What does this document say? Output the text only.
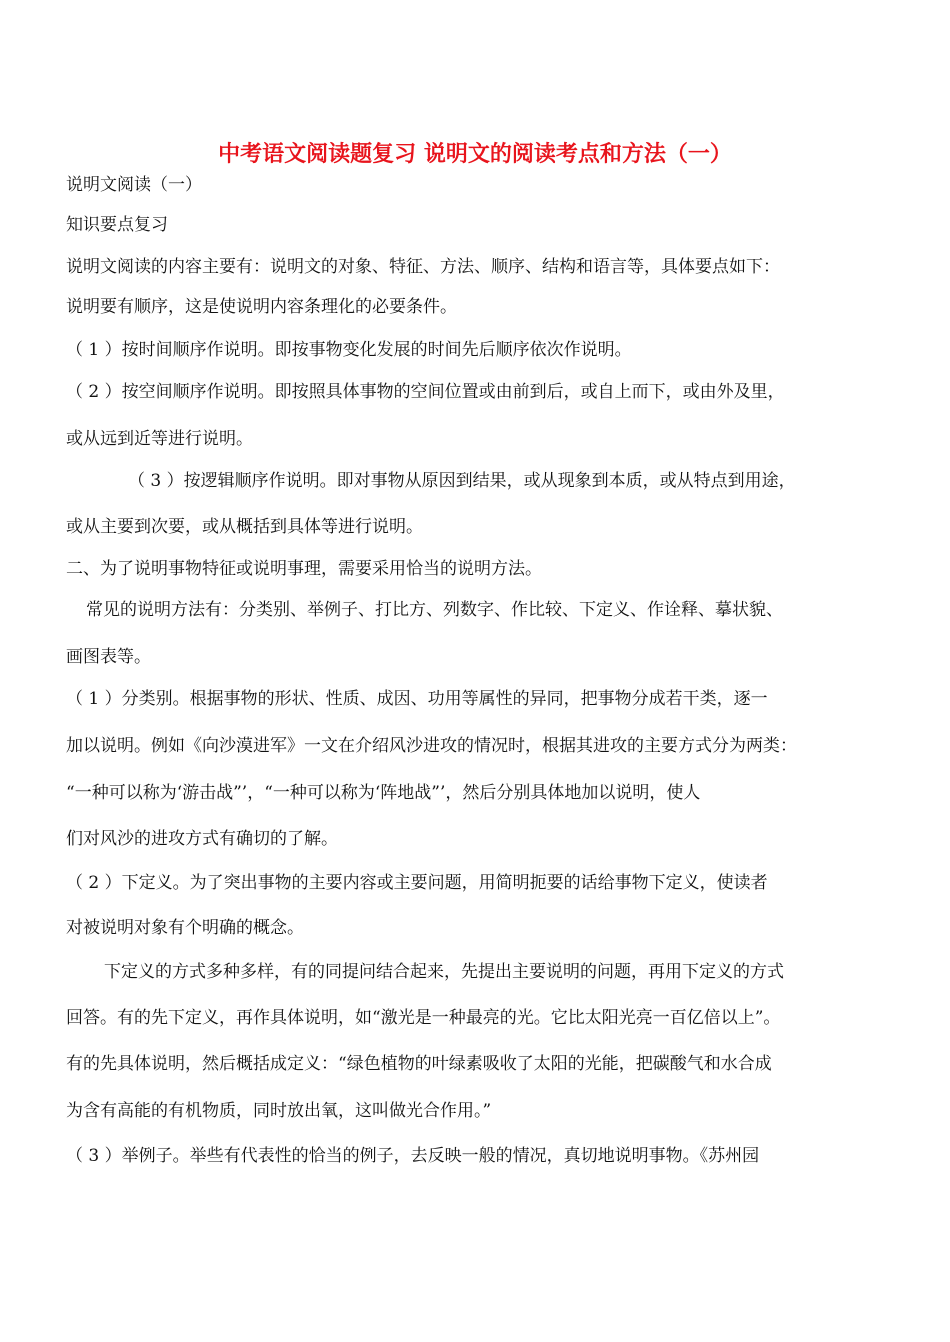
中考语文阅读题复习 说明文的阅读考点和方法（一）
说明文阅读（一）
知识要点复习
说明文阅读的内容主要有：说明文的对象、特征、方法、顺序、结构和语言等，具体要点如下：
说明要有顺序，这是使说明内容条理化的必要条件。
（ 1 ）按时间顺序作说明。即按事物变化发展的时间先后顺序依次作说明。
（ 2 ）按空间顺序作说明。即按照具体事物的空间位置或由前到后，或自上而下，或由外及里，
或从远到近等进行说明。
（ 3 ）按逻辑顺序作说明。即对事物从原因到结果，或从现象到本质，或从特点到用途，
或从主要到次要，或从概括到具体等进行说明。
二、为了说明事物特征或说明事理，需要采用恰当的说明方法。
常见的说明方法有：分类别、举例子、打比方、列数字、作比较、下定义、作诠释、摹状貌、
画图表等。
（ 1 ）分类别。根据事物的形状、性质、成因、功用等属性的异同，把事物分成若干类，逐一
加以说明。例如《向沙漠进军》一文在介绍风沙进攻的情况时，根据其进攻的主要方式分为两类：
“一种可以称为‘游击战”’，“一种可以称为‘阵地战”’，然后分别具体地加以说明，使人
们对风沙的进攻方式有确切的了解。
（ 2 ）下定义。为了突出事物的主要内容或主要问题，用简明扼要的话给事物下定义，使读者
对被说明对象有个明确的概念。
下定义的方式多种多样，有的同提问结合起来，先提出主要说明的问题，再用下定义的方式
回答。有的先下定义，再作具体说明，如“激光是一种最亮的光。它比太阳光亮一百亿倍以上”。
有的先具体说明，然后概括成定义：“绿色植物的叶绿素吸收了太阳的光能，把碳酸气和水合成
为含有高能的有机物质，同时放出氧，这叫做光合作用。”
（ 3 ）举例子。举些有代表性的恰当的例子，去反映一般的情况，真切地说明事物。《苏州园
